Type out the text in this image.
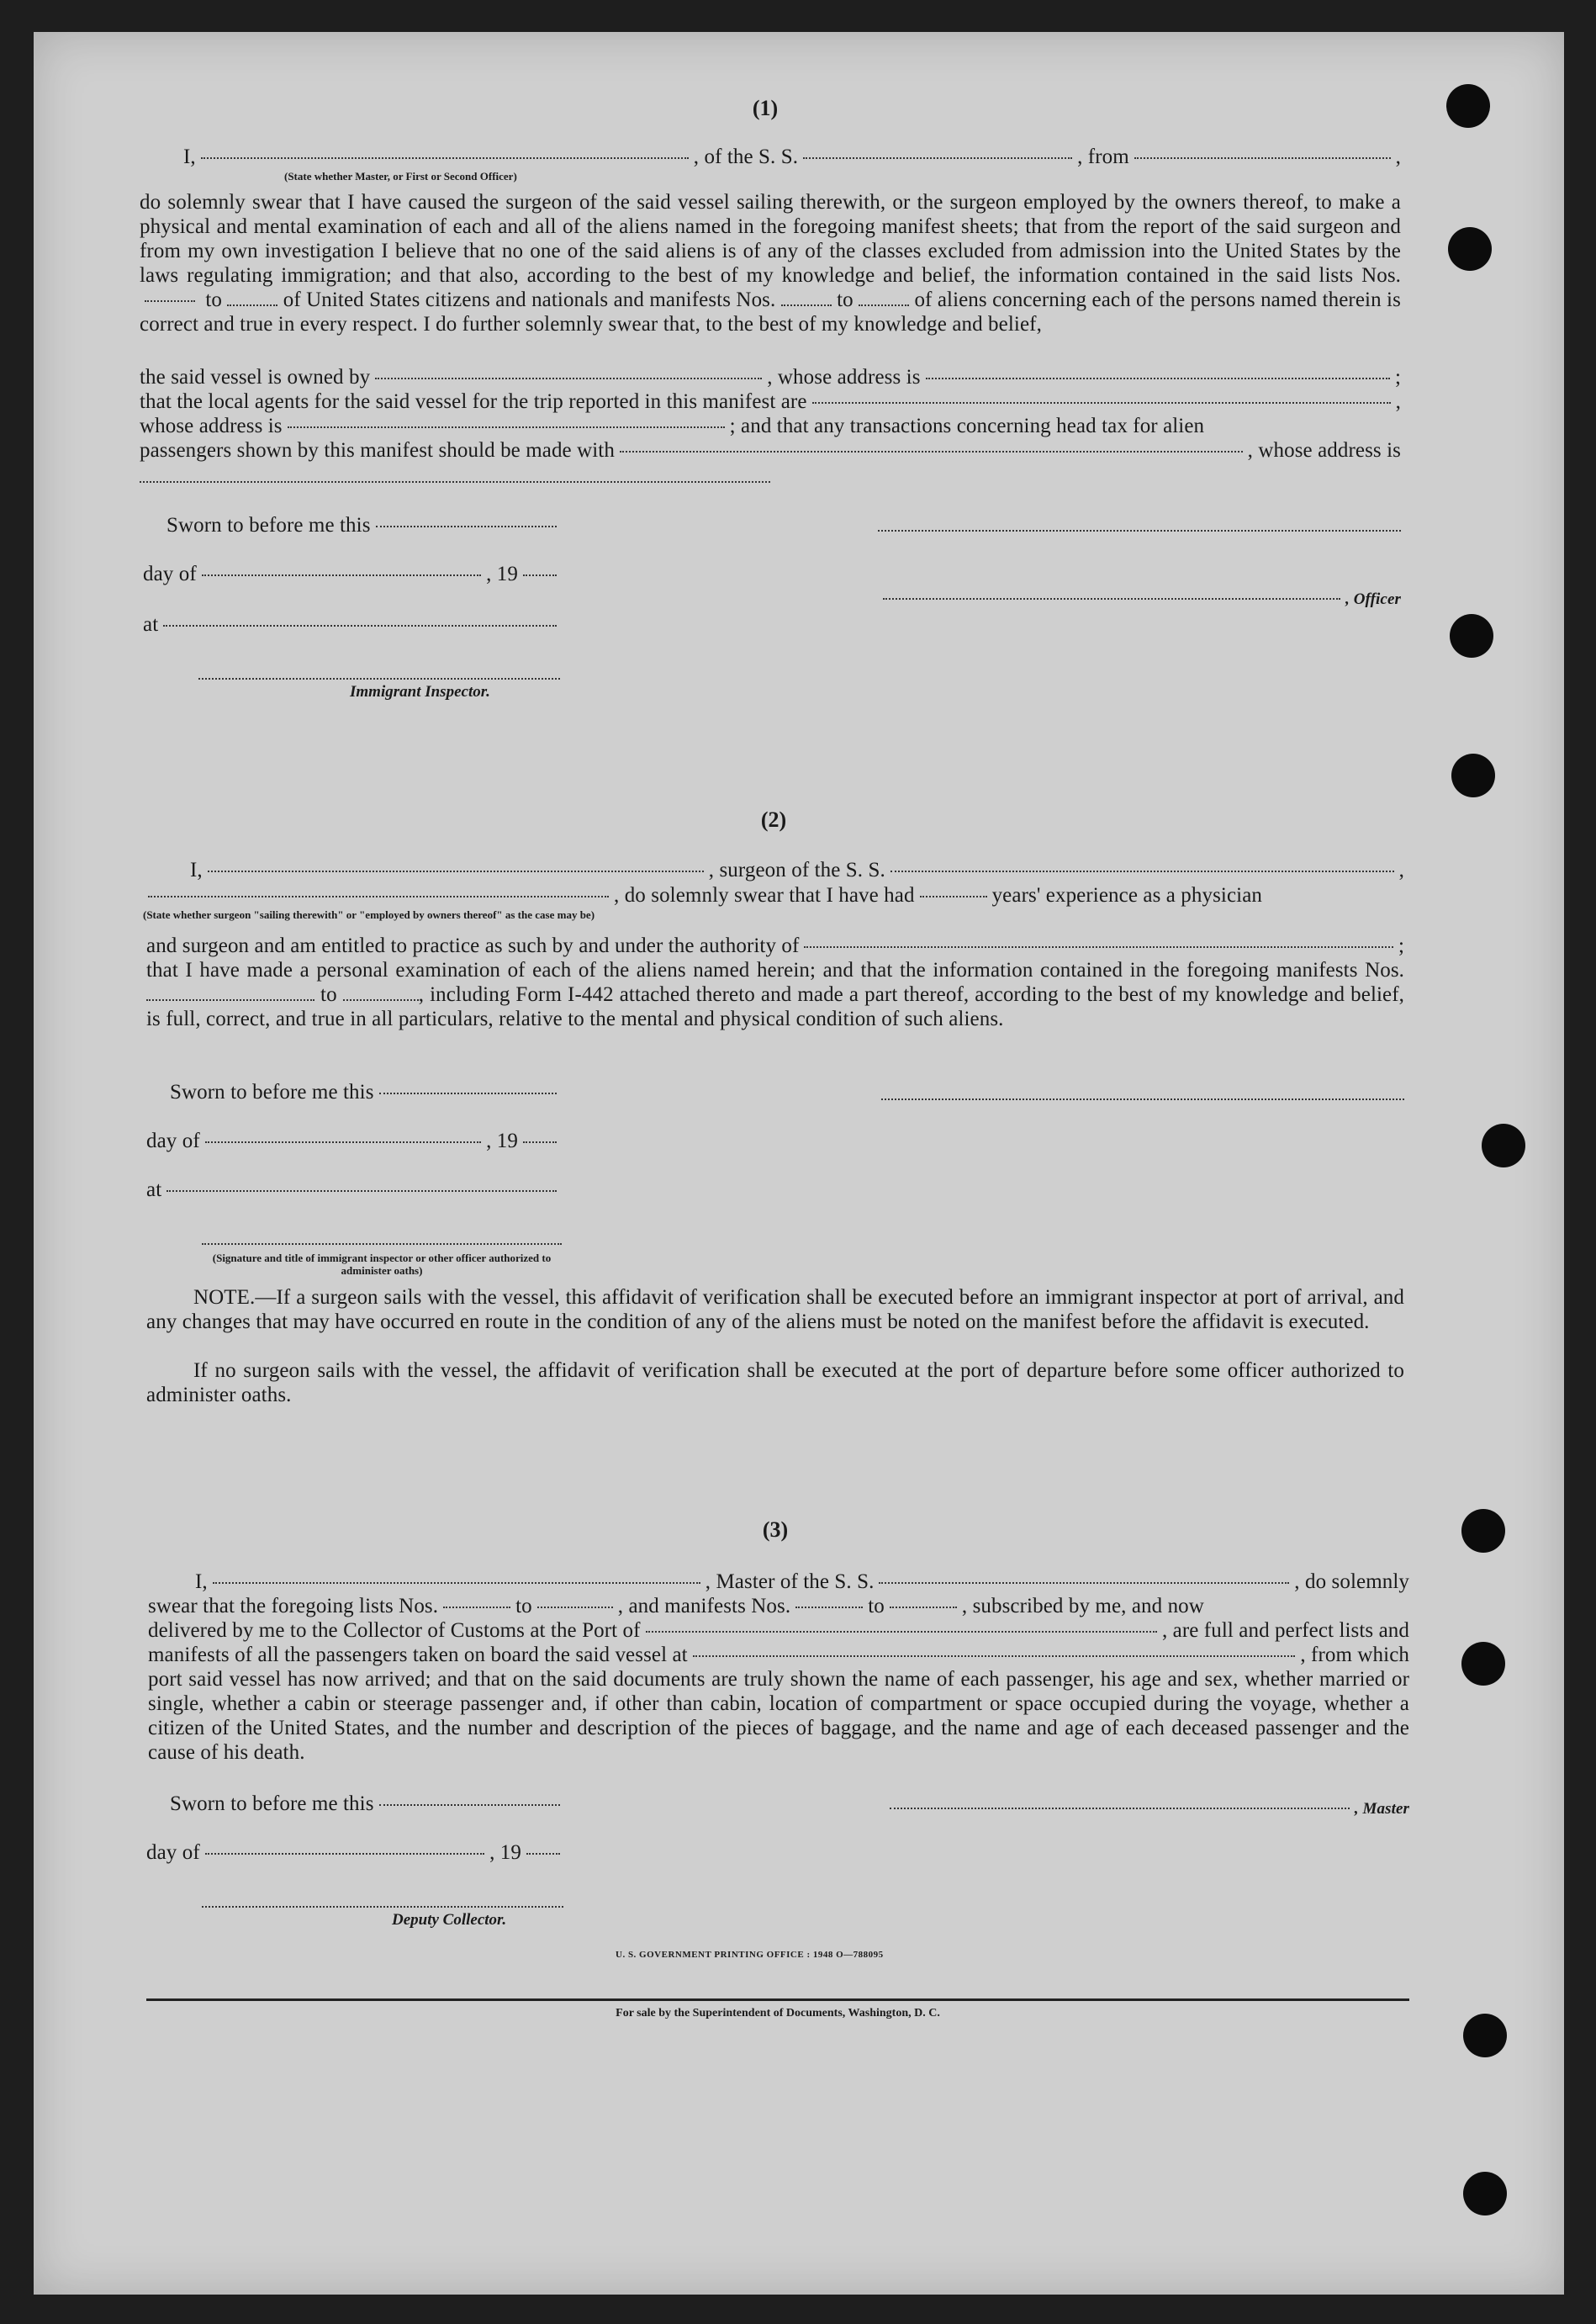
(1)
I,	, of the S. S.	, from	,
(State whether Master, or First or Second Officer)
do solemnly swear that I have caused the surgeon of the said vessel sailing therewith, or the surgeon employed by the owners thereof, to make a physical and mental examination of each and all of the aliens named in the foregoing manifest sheets; that from the report of the said surgeon and from my own investigation I believe that no one of the said aliens is of any of the classes excluded from admission into the United States by the laws regulating immigration; and that also, according to the best of my knowledge and belief, the information contained in the said lists Nos.  to	of United States citizens and nationals and manifests Nos.	to	of aliens concerning each of the persons named therein is correct and true in every respect. I do further solemnly swear that, to the best of my knowledge and belief,
the said vessel is owned by	, whose address is	;
that the local agents for the said vessel for the trip reported in this manifest are	,
whose address is	; and that any transactions concerning head tax for alien
passengers shown by this manifest should be made with	, whose address is
Sworn to before me this
day of	, 19
, Officer
at
Immigrant Inspector.
(2)
I,	, surgeon of the S. S.	,
, do solemnly swear that I have had	years' experience as a physician
(State whether surgeon "sailing therewith" or "employed by owners thereof" as the case may be)
and surgeon and am entitled to practice as such by and under the authority of	;
that I have made a personal examination of each of the aliens named herein; and that the information contained in the foregoing manifests Nos.  to	, including Form I-442 attached thereto and made a part thereof, according to the best of my knowledge and belief, is full, correct, and true in all particulars, relative to the mental and physical condition of such aliens.
Sworn to before me this
day of	, 19
at
(Signature and title of immigrant inspector or other officer authorized to administer oaths)
NOTE.—If a surgeon sails with the vessel, this affidavit of verification shall be executed before an immigrant inspector at port of arrival, and any changes that may have occurred en route in the condition of any of the aliens must be noted on the manifest before the affidavit is executed.
If no surgeon sails with the vessel, the affidavit of verification shall be executed at the port of departure before some officer authorized to administer oaths.
(3)
I,	, Master of the S. S.	, do solemnly
swear that the foregoing lists Nos.	to	, and manifests Nos.	to	, subscribed by me, and now
delivered by me to the Collector of Customs at the Port of	, are full and perfect lists and
manifests of all the passengers taken on board the said vessel at	, from which
port said vessel has now arrived; and that on the said documents are truly shown the name of each passenger, his age and sex, whether married or single, whether a cabin or steerage passenger and, if other than cabin, location of compartment or space occupied during the voyage, whether a citizen of the United States, and the number and description of the pieces of baggage, and the name and age of each deceased passenger and the cause of his death.
Sworn to before me this	, Master
day of	, 19
Deputy Collector.
U. S. GOVERNMENT PRINTING OFFICE : 1948 O—788095
For sale by the Superintendent of Documents, Washington, D. C.
